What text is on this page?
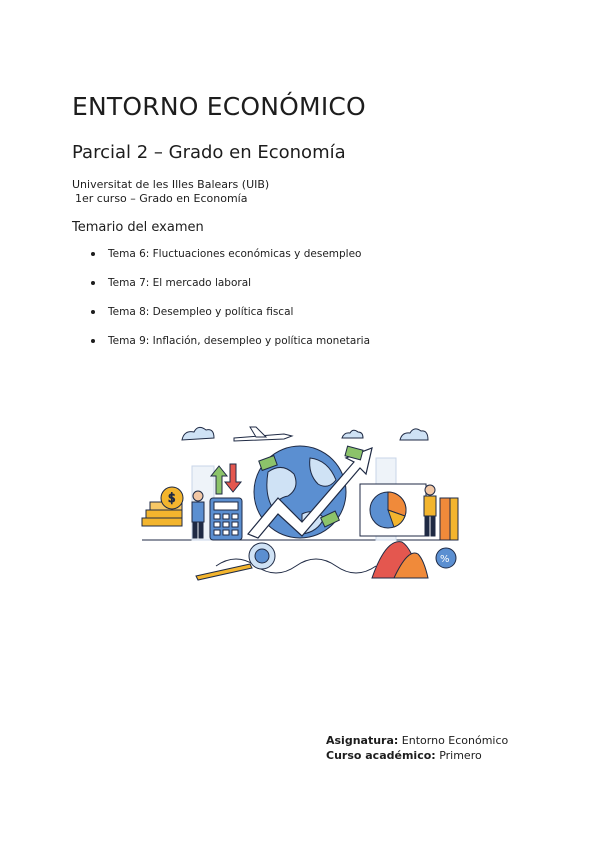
ENTORNO ECONÓMICO
Parcial 2 – Grado en Economía
Universitat de les Illes Balears (UIB)
1er curso – Grado en Economía
Temario del examen
Tema 6: Fluctuaciones económicas y desempleo
Tema 7: El mercado laboral
Tema 8: Desempleo y política fiscal
Tema 9: Inflación, desempleo y política monetaria
$
%
Asignatura: Entorno Económico
Curso académico: Primero
